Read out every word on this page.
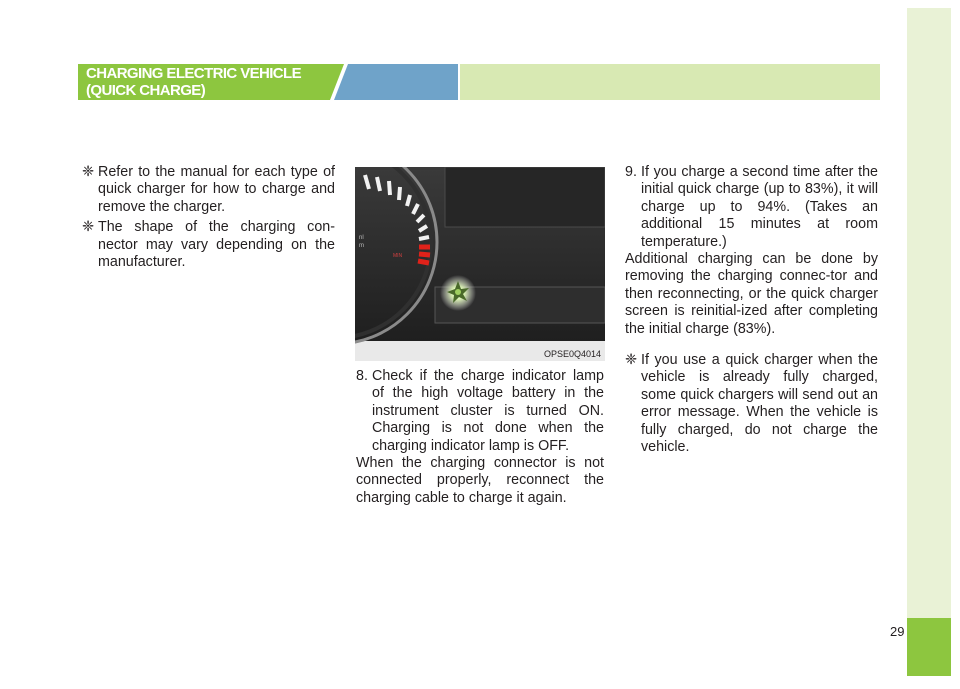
29
CHARGING ELECTRIC VEHICLE
(QUICK CHARGE)
❈ Refer to the manual for each type of quick charger for how to charge and remove the charger.
❈ The shape of the charging con-nector may vary depending on the manufacturer.
nl
m
MIN
OPSE0Q4014
8. Check if the charge indicator lamp of the high voltage battery in the instrument cluster is turned ON. Charging is not done when the charging indicator lamp is OFF.

When the charging connector is not connected properly, reconnect the charging cable to charge it again.

9. If you charge a second time after the initial quick charge (up to 83%), it will charge up to 94%. (Takes an additional 15 minutes at room temperature.)

Additional charging can be done by removing the charging connec-tor and then reconnecting, or the quick charger screen is reinitial-ized after completing the initial charge (83%).

❈ If you use a quick charger when the vehicle is already fully charged, some quick chargers will send out an error message. When the vehicle is fully charged, do not charge the vehicle.
